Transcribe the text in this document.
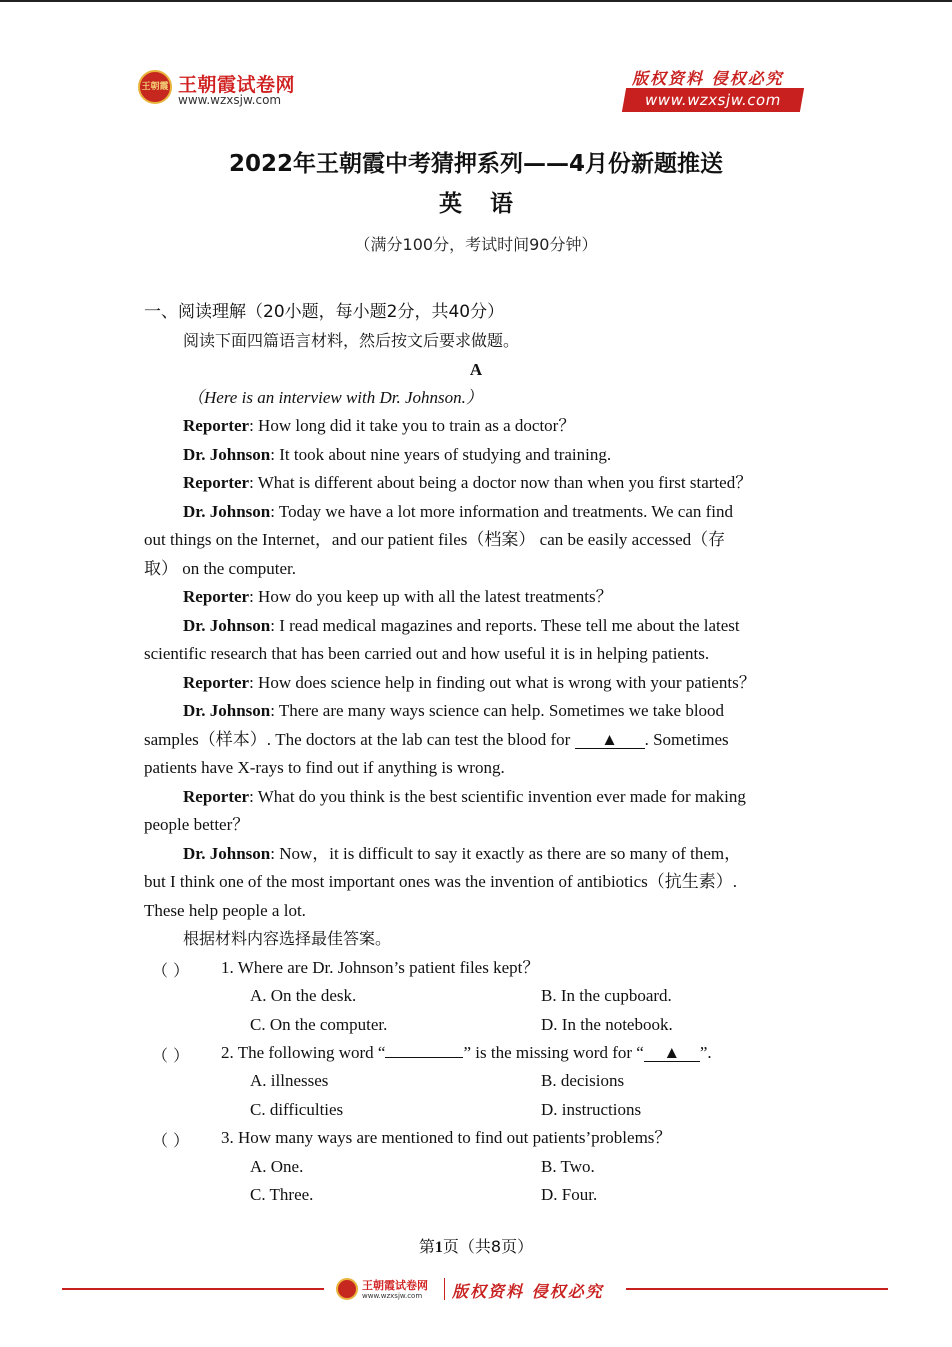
王朝霞 王朝霞试卷网
www.wzxsjw.com
版权资料 侵权必究
www.wzxsjw.com
2022年王朝霞中考猜押系列——4月份新题推送
英语
（满分100分，考试时间90分钟）
一、阅读理解（20小题，每小题2分，共40分）
阅读下面四篇语言材料，然后按文后要求做题。
A
（Here is an interview with Dr. Johnson.）
Reporter: How long did it take you to train as a doctor？
Dr. Johnson: It took about nine years of studying and training.
Reporter: What is different about being a doctor now than when you first started？
Dr. Johnson: Today we have a lot more information and treatments. We can find
out things on the Internet，and our patient files（档案） can be easily accessed（存
取） on the computer.
Reporter: How do you keep up with all the latest treatments？
Dr. Johnson: I read medical magazines and reports. These tell me about the latest
scientific research that has been carried out and how useful it is in helping patients.
Reporter: How does science help in finding out what is wrong with your patients？
Dr. Johnson: There are many ways science can help. Sometimes we take blood
samples（样本）. The doctors at the lab can test the blood for ▲ . Sometimes
patients have X-rays to find out if anything is wrong.
Reporter: What do you think is the best scientific invention ever made for making
people better？
Dr. Johnson: Now，it is difficult to say it exactly as there are so many of them，
but I think one of the most important ones was the invention of antibiotics（抗生素）.
These help people a lot.
根据材料内容选择最佳答案。
（ ） 1. Where are Dr. Johnson’s patient files kept？
A. On the desk.	B. In the cupboard.
C. On the computer.	D. In the notebook.
（ ） 2. The following word “	” is the missing word for “ ▲ ”.
A. illnesses	B. decisions
C. difficulties	D. instructions
（ ） 3. How many ways are mentioned to find out patients’problems？
A. One.	B. Two.
C. Three.	D. Four.
第1页（共8页）
王朝霞试卷网
www.wzxsjw.com 版权资料 侵权必究
